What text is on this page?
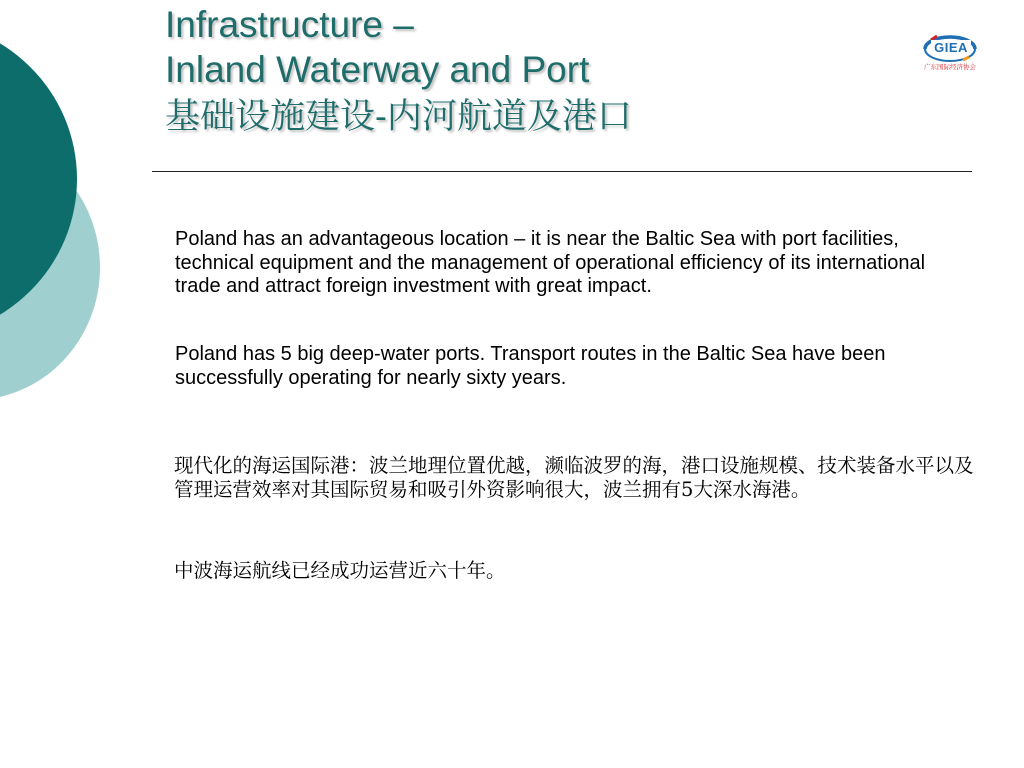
Infrastructure –
Inland Waterway and Port
基础设施建设-内河航道及港口
GIEA
广东国际经济协会

Poland has an advantageous location – it is near the Baltic Sea with port facilities, technical equipment and the management of operational efficiency of its international trade and attract foreign investment with great impact.

Poland has 5 big deep-water ports. Transport routes in the Baltic Sea have been successfully operating for nearly sixty years.

现代化的海运国际港：波兰地理位置优越，濒临波罗的海，港口设施规模、技术装备水平以及管理运营效率对其国际贸易和吸引外资影响很大，波兰拥有5大深水海港。

中波海运航线已经成功运营近六十年。
